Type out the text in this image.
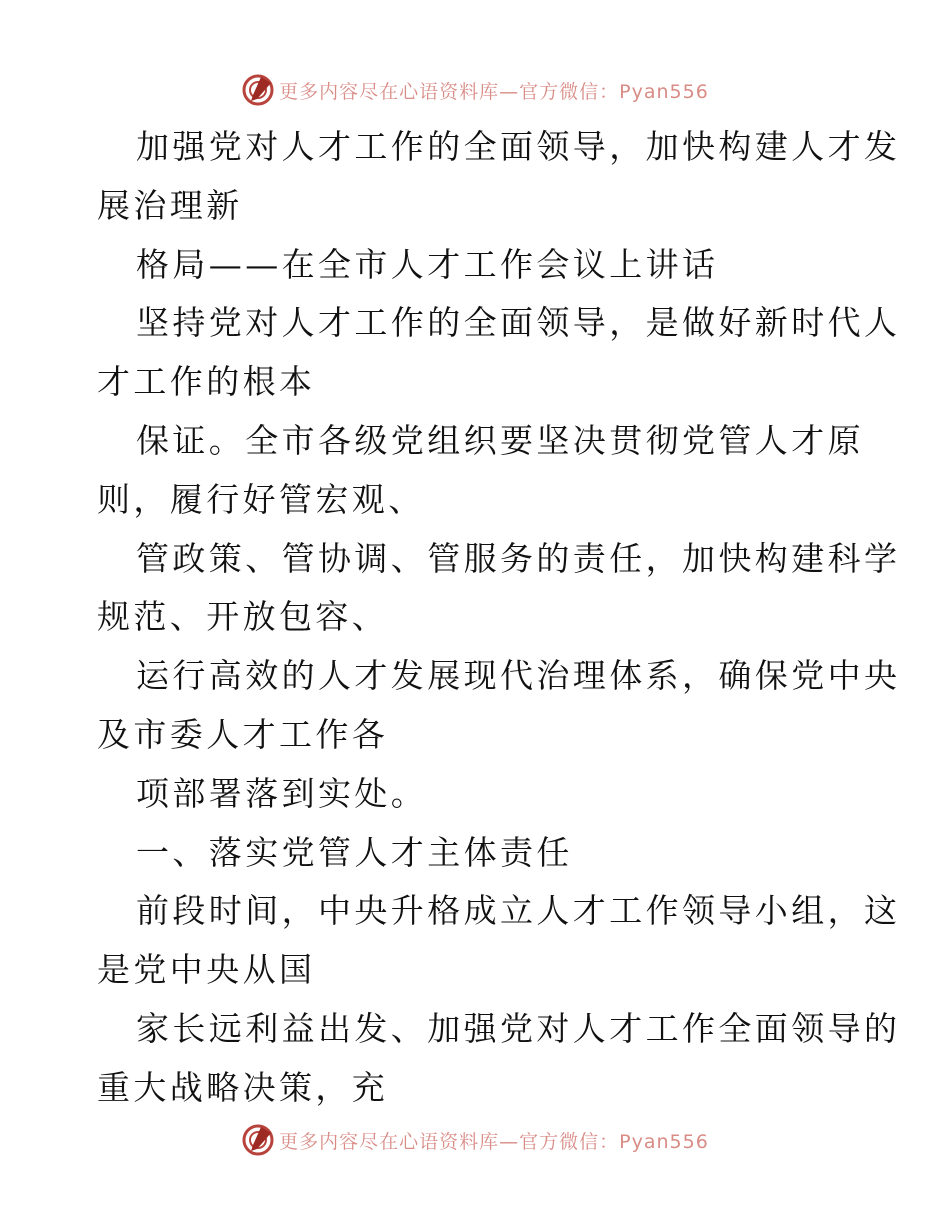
更多内容尽在心语资料库—官方微信：Pyan556
加强党对人才工作的全面领导，加快构建人才发
展治理新
格局——在全市人才工作会议上讲话
坚持党对人才工作的全面领导，是做好新时代人
才工作的根本
保证。全市各级党组织要坚决贯彻党管人才原
则，履行好管宏观、
管政策、管协调、管服务的责任，加快构建科学
规范、开放包容、
运行高效的人才发展现代治理体系，确保党中央
及市委人才工作各
项部署落到实处。
一、落实党管人才主体责任
前段时间，中央升格成立人才工作领导小组，这
是党中央从国
家长远利益出发、加强党对人才工作全面领导的
重大战略决策，充
更多内容尽在心语资料库—官方微信：Pyan556
